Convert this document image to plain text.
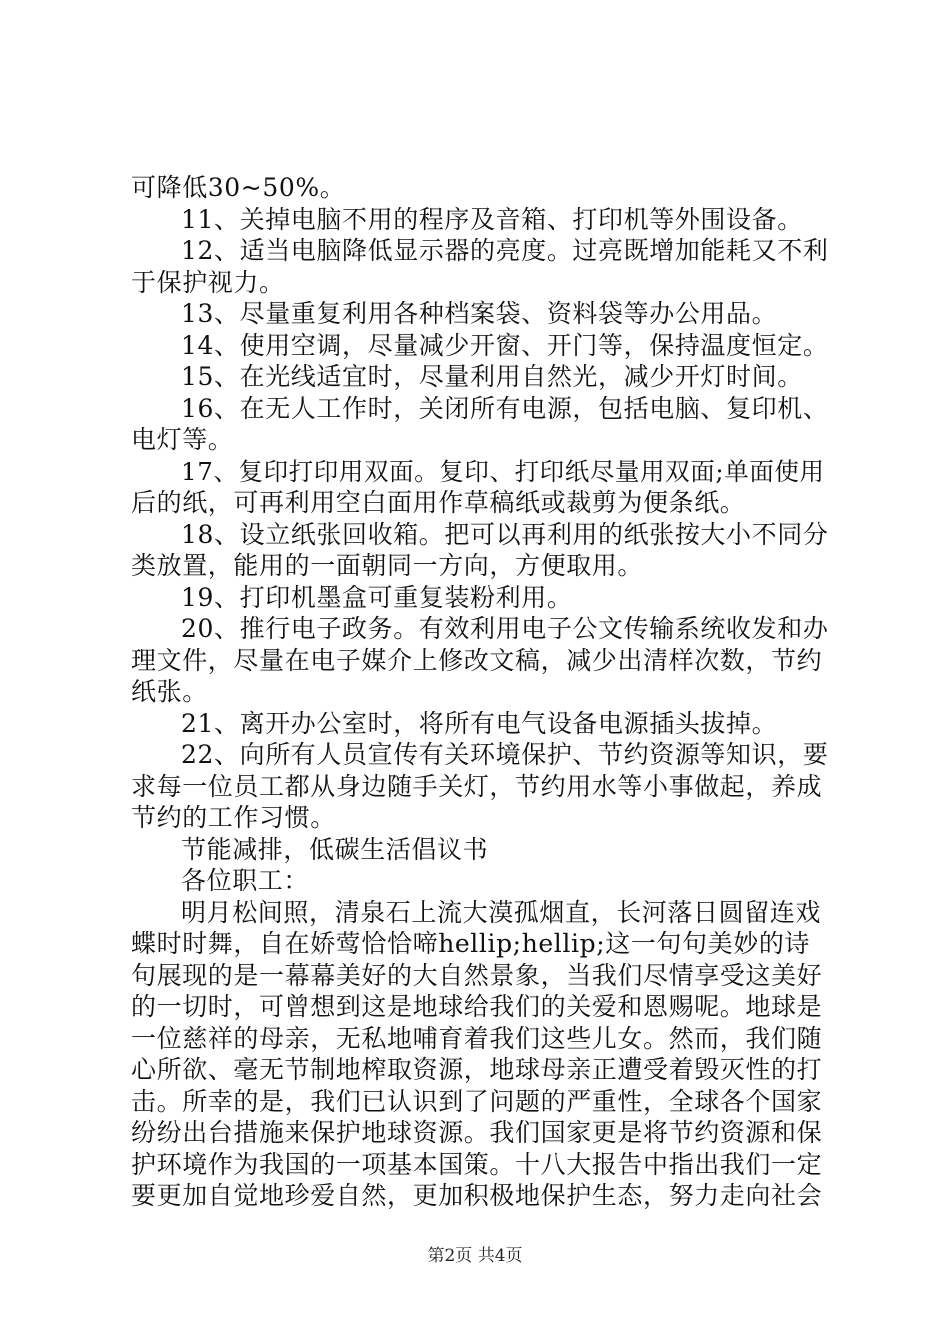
可降低30~50%。
11、关掉电脑不用的程序及音箱、打印机等外围设备。
12、适当电脑降低显示器的亮度。过亮既增加能耗又不利
于保护视力。
13、尽量重复利用各种档案袋、资料袋等办公用品。
14、使用空调，尽量减少开窗、开门等，保持温度恒定。
15、在光线适宜时，尽量利用自然光，减少开灯时间。
16、在无人工作时，关闭所有电源，包括电脑、复印机、
电灯等。
17、复印打印用双面。复印、打印纸尽量用双面;单面使用
后的纸，可再利用空白面用作草稿纸或裁剪为便条纸。
18、设立纸张回收箱。把可以再利用的纸张按大小不同分
类放置，能用的一面朝同一方向，方便取用。
19、打印机墨盒可重复装粉利用。
20、推行电子政务。有效利用电子公文传输系统收发和办
理文件，尽量在电子媒介上修改文稿，减少出清样次数，节约
纸张。
21、离开办公室时，将所有电气设备电源插头拔掉。
22、向所有人员宣传有关环境保护、节约资源等知识，要
求每一位员工都从身边随手关灯，节约用水等小事做起，养成
节约的工作习惯。
节能减排，低碳生活倡议书
各位职工：
明月松间照，清泉石上流大漠孤烟直，长河落日圆留连戏
蝶时时舞，自在娇莺恰恰啼hellip;hellip;这一句句美妙的诗
句展现的是一幕幕美好的大自然景象，当我们尽情享受这美好
的一切时，可曾想到这是地球给我们的关爱和恩赐呢。地球是
一位慈祥的母亲，无私地哺育着我们这些儿女。然而，我们随
心所欲、毫无节制地榨取资源，地球母亲正遭受着毁灭性的打
击。所幸的是，我们已认识到了问题的严重性，全球各个国家
纷纷出台措施来保护地球资源。我们国家更是将节约资源和保
护环境作为我国的一项基本国策。十八大报告中指出我们一定
要更加自觉地珍爱自然，更加积极地保护生态，努力走向社会
第2页 共4页
